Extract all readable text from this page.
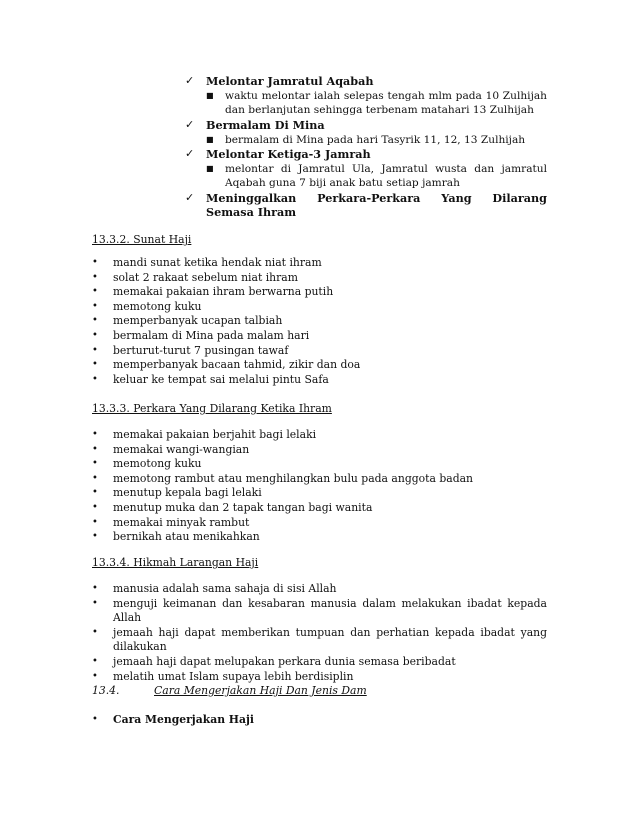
✓	Melontar Jamratul Aqabah
■	waktu melontar ialah selepas tengah mlm pada 10 Zulhijah dan berlanjutan sehingga terbenam matahari 13 Zulhijah
✓	Bermalam Di Mina
■	bermalam di Mina pada hari Tasyrik 11, 12, 13 Zulhijah
✓	Melontar Ketiga-3 Jamrah
■	melontar di Jamratul Ula, Jamratul wusta dan jamratul Aqabah guna 7 biji anak batu setiap jamrah
✓	Meninggalkan Perkara-Perkara Yang Dilarang Semasa Ihram
13.3.2. Sunat Haji
•	mandi sunat ketika hendak niat ihram
•	solat 2 rakaat sebelum niat ihram
•	memakai pakaian ihram berwarna putih
•	memotong kuku
•	memperbanyak ucapan talbiah
•	bermalam di Mina pada malam hari
•	berturut-turut 7 pusingan tawaf
•	memperbanyak bacaan tahmid, zikir dan doa
•	keluar ke tempat sai melalui pintu Safa
13.3.3. Perkara Yang Dilarang Ketika Ihram
•	memakai pakaian berjahit bagi lelaki
•	memakai wangi-wangian
•	memotong kuku
•	memotong rambut atau menghilangkan bulu pada anggota badan
•	menutup kepala bagi lelaki
•	menutup muka dan 2 tapak tangan bagi wanita
•	memakai minyak rambut
•	bernikah atau menikahkan
13.3.4. Hikmah Larangan Haji
•	manusia adalah sama sahaja di sisi Allah
•	menguji keimanan dan kesabaran manusia dalam melakukan ibadat kepada Allah
•	jemaah haji dapat memberikan tumpuan dan perhatian kepada ibadat yang dilakukan
•	jemaah haji dapat melupakan perkara dunia semasa beribadat
•	melatih umat Islam supaya lebih berdisiplin
13.4.	Cara Mengerjakan Haji Dan Jenis Dam
•	Cara Mengerjakan Haji
